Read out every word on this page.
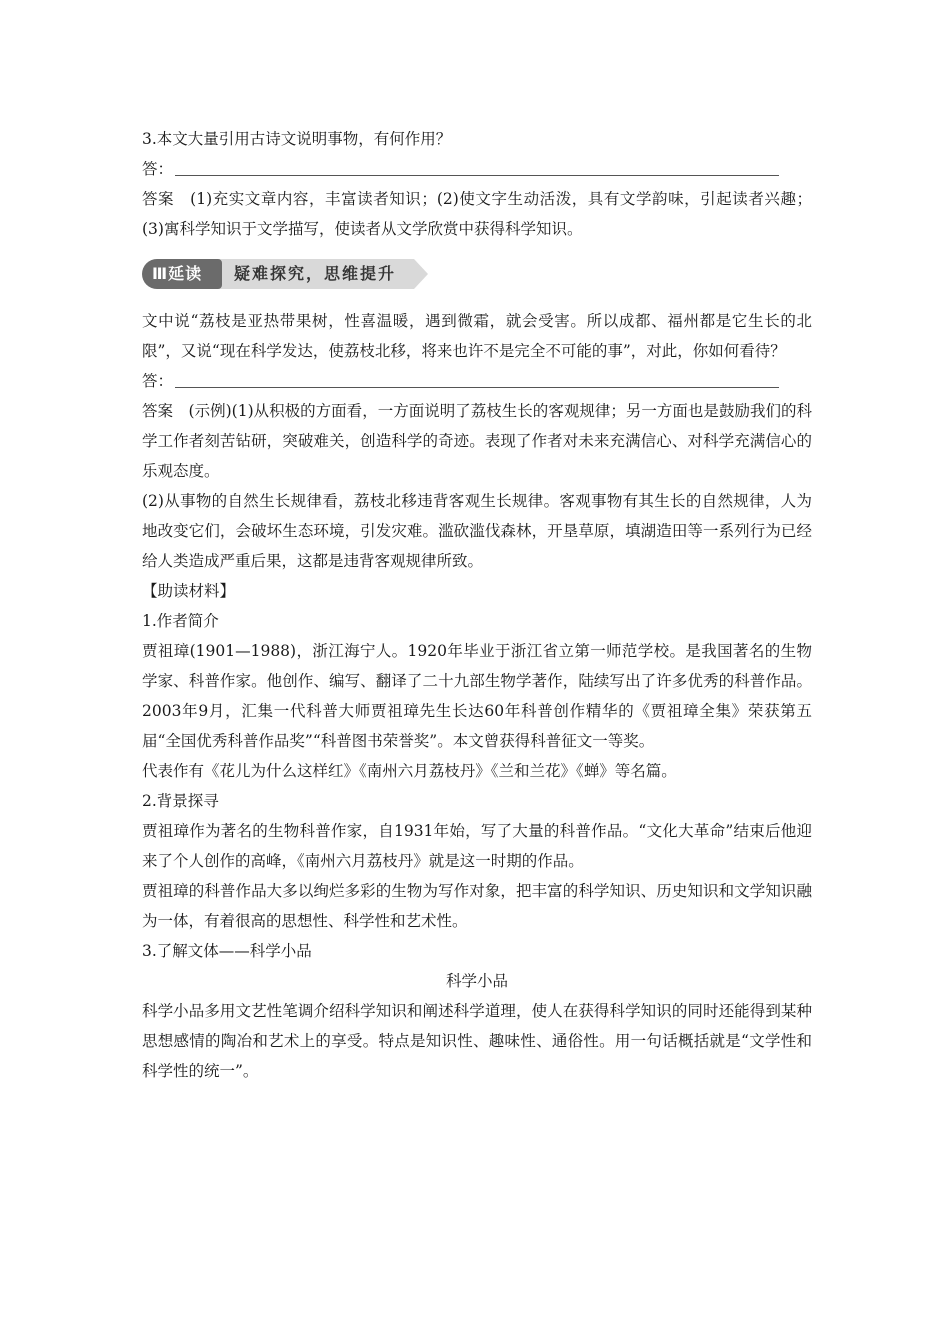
3.本文大量引用古诗文说明事物，有何作用？

答：

答案　(1)充实文章内容，丰富读者知识；(2)使文字生动活泼，具有文学韵味，引起读者兴趣；(3)寓科学知识于文学描写，使读者从文学欣赏中获得科学知识。

Ⅲ延读	疑难探究，思维提升

文中说“荔枝是亚热带果树，性喜温暖，遇到微霜，就会受害。所以成都、福州都是它生长的北限”，又说“现在科学发达，使荔枝北移，将来也许不是完全不可能的事”，对此，你如何看待？

答：

答案　(示例)(1)从积极的方面看，一方面说明了荔枝生长的客观规律；另一方面也是鼓励我们的科学工作者刻苦钻研，突破难关，创造科学的奇迹。表现了作者对未来充满信心、对科学充满信心的乐观态度。

(2)从事物的自然生长规律看，荔枝北移违背客观生长规律。客观事物有其生长的自然规律，人为地改变它们，会破坏生态环境，引发灾难。滥砍滥伐森林，开垦草原，填湖造田等一系列行为已经给人类造成严重后果，这都是违背客观规律所致。

【助读材料】

1.作者简介

贾祖璋(1901—1988)，浙江海宁人。1920年毕业于浙江省立第一师范学校。是我国著名的生物学家、科普作家。他创作、编写、翻译了二十九部生物学著作，陆续写出了许多优秀的科普作品。2003年9月，汇集一代科普大师贾祖璋先生长达60年科普创作精华的《贾祖璋全集》荣获第五届“全国优秀科普作品奖”“科普图书荣誉奖”。本文曾获得科普征文一等奖。

代表作有《花儿为什么这样红》《南州六月荔枝丹》《兰和兰花》《蝉》等名篇。

2.背景探寻

贾祖璋作为著名的生物科普作家，自1931年始，写了大量的科普作品。“文化大革命”结束后他迎来了个人创作的高峰，《南州六月荔枝丹》就是这一时期的作品。

贾祖璋的科普作品大多以绚烂多彩的生物为写作对象，把丰富的科学知识、历史知识和文学知识融为一体，有着很高的思想性、科学性和艺术性。

3.了解文体——科学小品

科学小品

科学小品多用文艺性笔调介绍科学知识和阐述科学道理，使人在获得科学知识的同时还能得到某种思想感情的陶冶和艺术上的享受。特点是知识性、趣味性、通俗性。用一句话概括就是“文学性和科学性的统一”。
